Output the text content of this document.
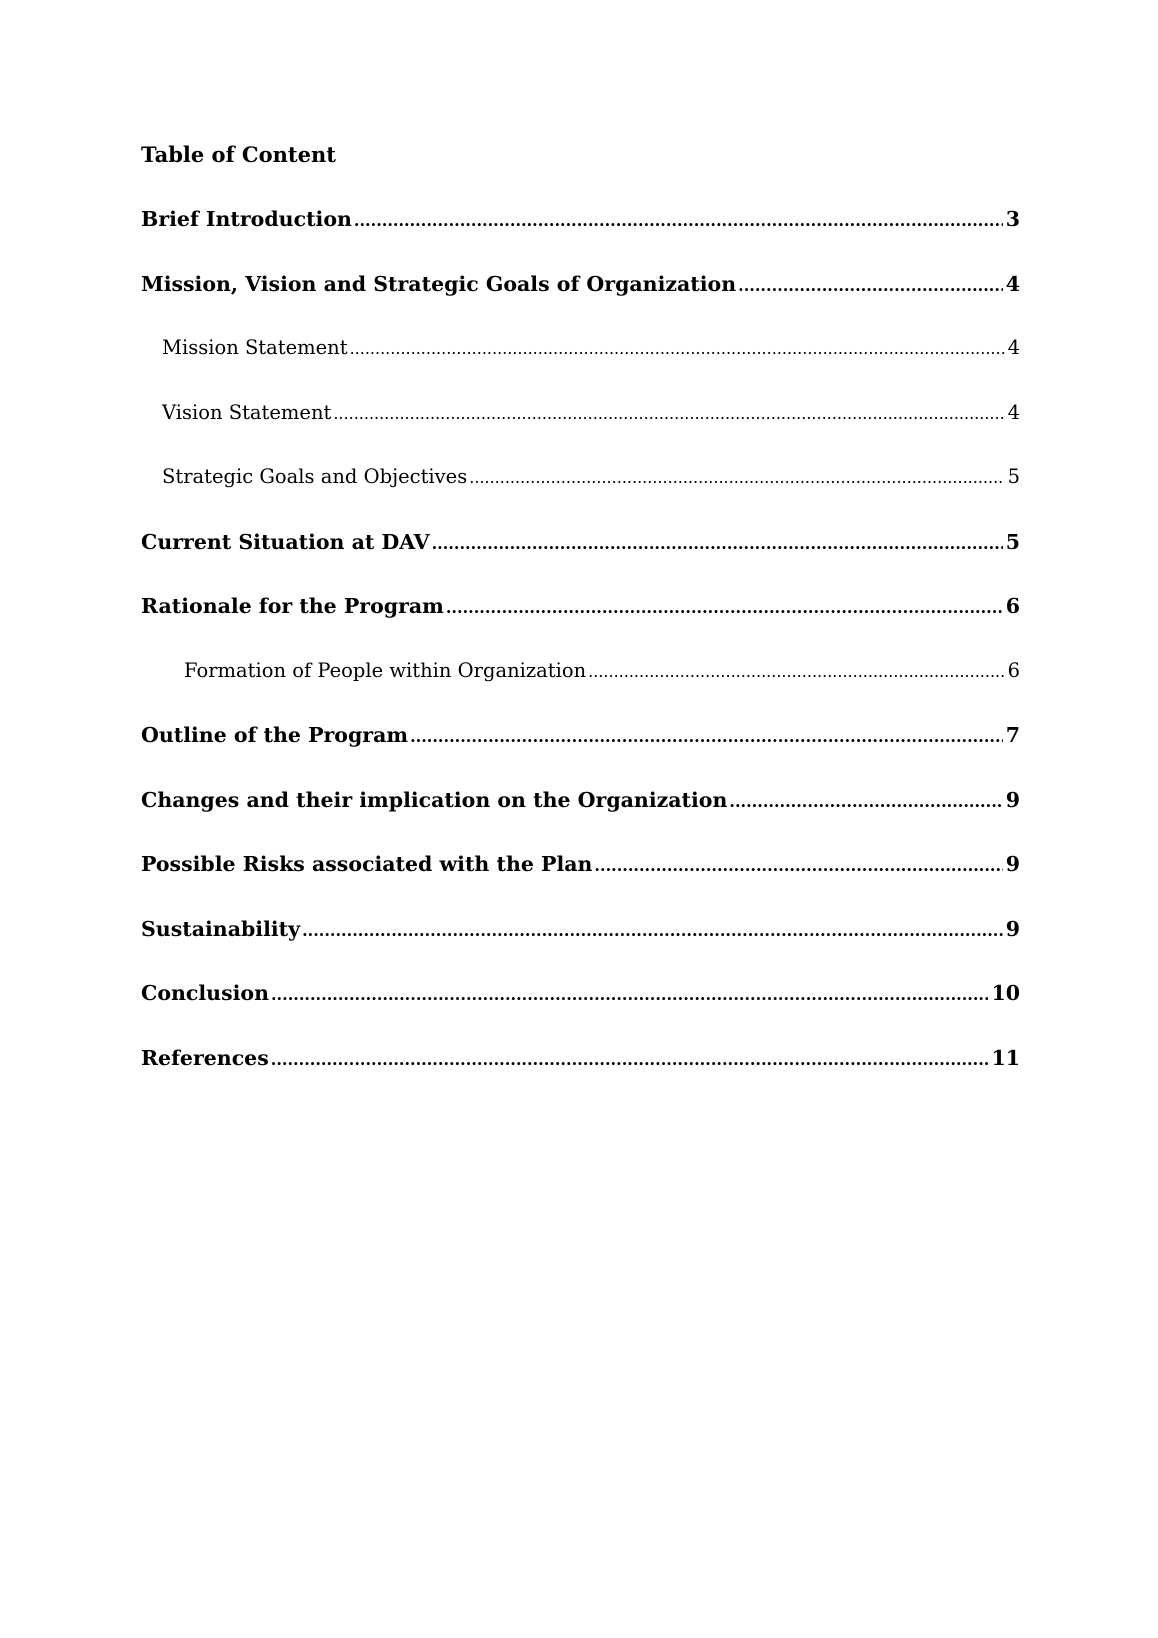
Table of Content
Brief Introduction .....	3
Mission, Vision and Strategic Goals of Organization .....	4
Mission Statement .....	4
Vision Statement .....	4
Strategic Goals and Objectives .....	5
Current Situation at DAV .....	5
Rationale for the Program .....	6
Formation of People within Organization .....	6
Outline of the Program .....	7
Changes and their implication on the Organization .....	9
Possible Risks associated with the Plan .....	9
Sustainability .....	9
Conclusion .....	10
References .....	11
